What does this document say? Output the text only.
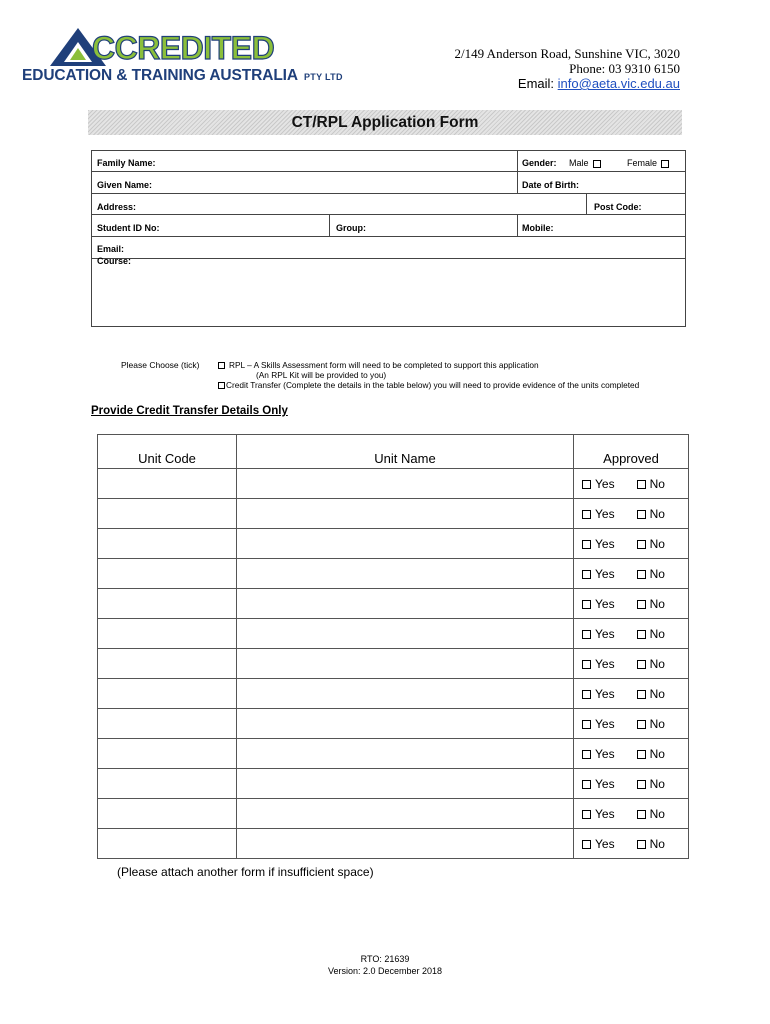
CCREDITED
EDUCATION & TRAINING AUSTRALIA PTY LTD
2/149 Anderson Road, Sunshine VIC, 3020
Phone: 03 9310 6150
Email: info@aeta.vic.edu.au
CT/RPL Application Form
Family Name:	Gender: Male	Female
Given Name:	Date of Birth:
Address:	Post Code:
Student ID No:	Group:	Mobile:
Email:
Course:
Please Choose (tick)	RPL – A Skills Assessment form will need to be completed to support this application
(An RPL Kit will be provided to you)
Credit Transfer (Complete the details in the table below) you will need to provide evidence of the units completed
Provide Credit Transfer Details Only
Unit Code	Unit Name	Approved

		Yes No

		Yes No

		Yes No

		Yes No

		Yes No

		Yes No

		Yes No

		Yes No

		Yes No

		Yes No

		Yes No

		Yes No

		Yes No
(Please attach another form if insufficient space)
RTO: 21639
Version: 2.0 December 2018
